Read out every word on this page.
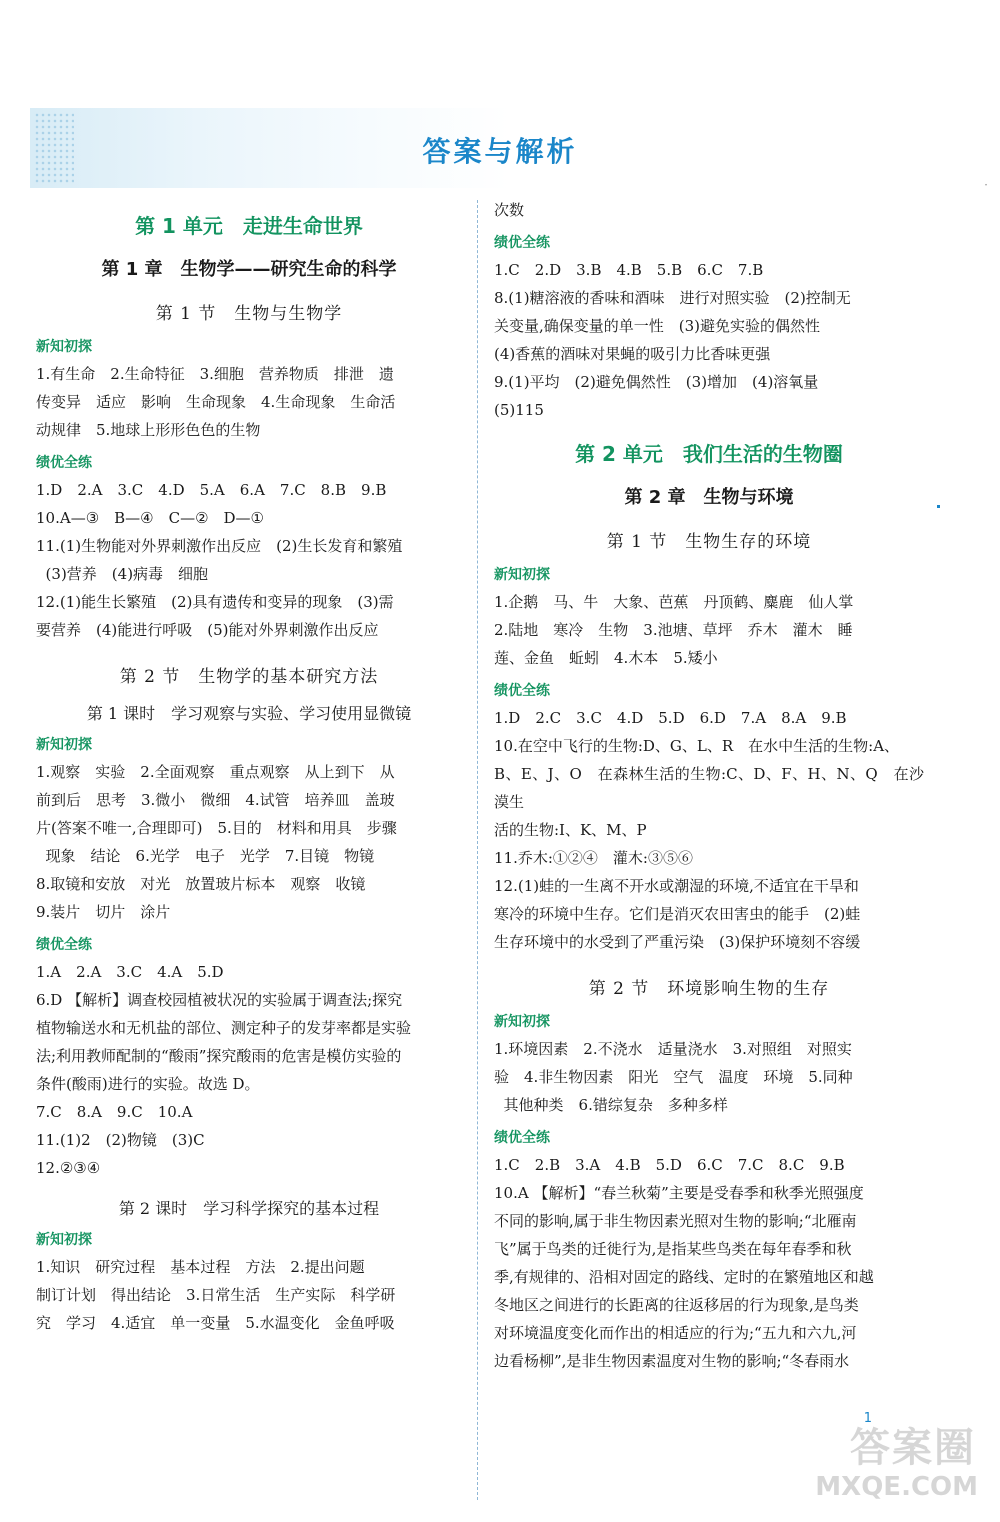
答案与解析
·
第 1 单元　走进生命世界
第 1 章　生物学——研究生命的科学
第 1 节　生物与生物学
新知初探

1.有生命　2.生命特征　3.细胞　营养物质　排泄　遗

传变异　适应　影响　生命现象　4.生命现象　生命活

动规律　5.地球上形形色色的生物

绩优全练

1.D　2.A　3.C　4.D　5.A　6.A　7.C　8.B　9.B

10.A—③　B—④　C—②　D—①

11.(1)生物能对外界刺激作出反应　(2)生长发育和繁殖

(3)营养　(4)病毒　细胞

12.(1)能生长繁殖　(2)具有遗传和变异的现象　(3)需

要营养　(4)能进行呼吸　(5)能对外界刺激作出反应

第 2 节　生物学的基本研究方法
第 1 课时　学习观察与实验、学习使用显微镜
新知初探

1.观察　实验　2.全面观察　重点观察　从上到下　从

前到后　思考　3.微小　微细　4.试管　培养皿　盖玻

片(答案不唯一,合理即可)　5.目的　材料和用具　步骤

现象　结论　6.光学　电子　光学　7.目镜　物镜

8.取镜和安放　对光　放置玻片标本　观察　收镜

9.装片　切片　涂片

绩优全练

1.A　2.A　3.C　4.A　5.D

6.D 【解析】调查校园植被状况的实验属于调查法;探究

植物输送水和无机盐的部位、测定种子的发芽率都是实验

法;利用教师配制的“酸雨”探究酸雨的危害是模仿实验的

条件(酸雨)进行的实验。故选 D。

7.C　8.A　9.C　10.A

11.(1)2　(2)物镜　(3)C

12.②③④

第 2 课时　学习科学探究的基本过程
新知初探

1.知识　研究过程　基本过程　方法　2.提出问题

制订计划　得出结论　3.日常生活　生产实际　科学研

究　学习　4.适宜　单一变量　5.水温变化　金鱼呼吸

次数

绩优全练

1.C　2.D　3.B　4.B　5.B　6.C　7.B

8.(1)糖溶液的香味和酒味　进行对照实验　(2)控制无

关变量,确保变量的单一性　(3)避免实验的偶然性

(4)香蕉的酒味对果蝇的吸引力比香味更强

9.(1)平均　(2)避免偶然性　(3)增加　(4)溶氧量

(5)115

第 2 单元　我们生活的生物圈
第 2 章　生物与环境
第 1 节　生物生存的环境
新知初探

1.企鹅　马、牛　大象、芭蕉　丹顶鹤、麋鹿　仙人掌

2.陆地　寒冷　生物　3.池塘、草坪　乔木　灌木　睡

莲、金鱼　蚯蚓　4.木本　5.矮小

绩优全练

1.D　2.C　3.C　4.D　5.D　6.D　7.A　8.A　9.B

10.在空中飞行的生物:D、G、L、R　在水中生活的生物:A、

B、E、J、O　在森林生活的生物:C、D、F、H、N、Q　在沙漠生

活的生物:I、K、M、P

11.乔木:①②④　灌木:③⑤⑥

12.(1)蛙的一生离不开水或潮湿的环境,不适宜在干旱和

寒冷的环境中生存。它们是消灭农田害虫的能手　(2)蛙

生存环境中的水受到了严重污染　(3)保护环境刻不容缓

第 2 节　环境影响生物的生存
新知初探

1.环境因素　2.不浇水　适量浇水　3.对照组　对照实

验　4.非生物因素　阳光　空气　温度　环境　5.同种

其他种类　6.错综复杂　多种多样

绩优全练

1.C　2.B　3.A　4.B　5.D　6.C　7.C　8.C　9.B

10.A 【解析】“春兰秋菊”主要是受春季和秋季光照强度

不同的影响,属于非生物因素光照对生物的影响;“北雁南

飞”属于鸟类的迁徙行为,是指某些鸟类在每年春季和秋

季,有规律的、沿相对固定的路线、定时的在繁殖地区和越

冬地区之间进行的长距离的往返移居的行为现象,是鸟类

对环境温度变化而作出的相适应的行为;“五九和六九,河

边看杨柳”,是非生物因素温度对生物的影响;“冬春雨水

1
答案圈
MXQE.COM
